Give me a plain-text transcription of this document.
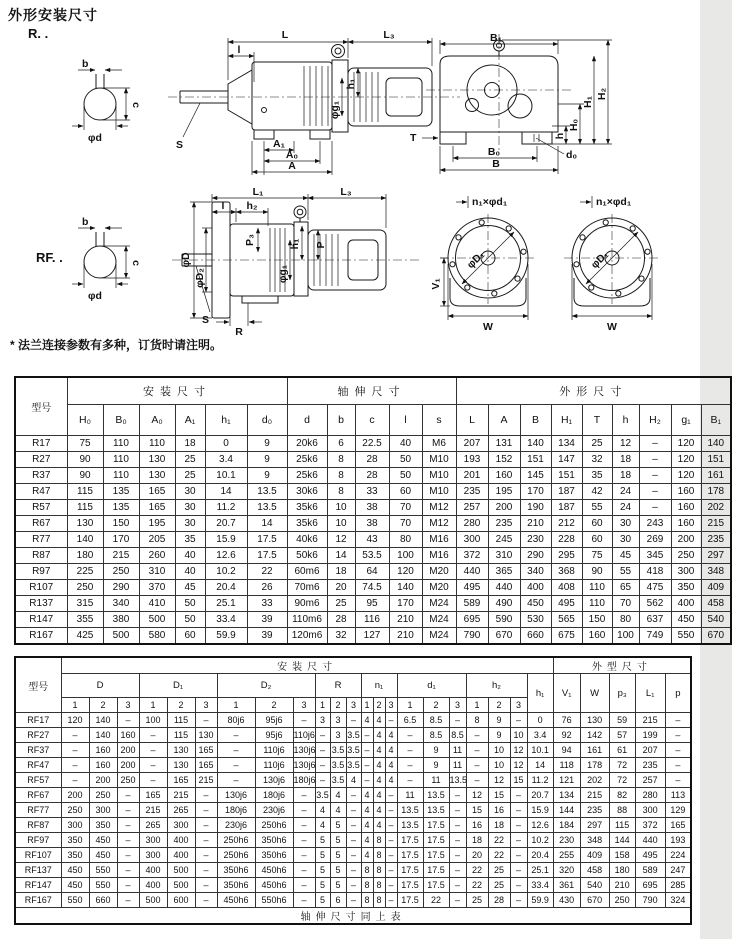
外形安装尺寸
R. .
RF. .
* 法兰连接参数有多种，订货时请注明。
b
c
φd
S
L	L₃
l
h₁
φg₁
A₁
A₀
A
B₁
h
H₀
H₁
H₂
T
B₀
B
d₀
b
c
φd
L₁	L₃
l h₂
φD
φD₂
P₃	h₁
φg₁
P
S
R
φD₁
n₁×φd₁
V₁
W
φD₁
n₁×φd₁
W
型号	安装尺寸						轴伸尺寸					外形尺寸								
	H₀	B₀	A₀	A₁	h₁	d₀	d	b	c	l	s	L	A	B	H₁	T	h	H₂	g₁	B₁
R17	75	110	110	18	0	9	20k6	6	22.5	40	M6	207	131	140	134	25	12	–	120	140
R27	90	110	130	25	3.4	9	25k6	8	28	50	M10	193	152	151	147	32	18	–	120	151
R37	90	110	130	25	10.1	9	25k6	8	28	50	M10	201	160	145	151	35	18	–	120	161
R47	115	135	165	30	14	13.5	30k6	8	33	60	M10	235	195	170	187	42	24	–	160	178
R57	115	135	165	30	11.2	13.5	35k6	10	38	70	M12	257	200	190	187	55	24	–	160	202
R67	130	150	195	30	20.7	14	35k6	10	38	70	M12	280	235	210	212	60	30	243	160	215
R77	140	170	205	35	15.9	17.5	40k6	12	43	80	M16	300	245	230	228	60	30	269	200	235
R87	180	215	260	40	12.6	17.5	50k6	14	53.5	100	M16	372	310	290	295	75	45	345	250	297
R97	225	250	310	40	10.2	22	60m6	18	64	120	M20	440	365	340	368	90	55	418	300	348
R107	250	290	370	45	20.4	26	70m6	20	74.5	140	M20	495	440	400	408	110	65	475	350	409
R137	315	340	410	50	25.1	33	90m6	25	95	170	M24	589	490	450	495	110	70	562	400	458
R147	355	380	500	50	33.4	39	110m6	28	116	210	M24	695	590	530	565	150	80	637	450	540
R167	425	500	580	60	59.9	39	120m6	32	127	210	M24	790	670	660	675	160	100	749	550	670
型号	安装尺寸																						外型尺寸				
	D			D₁			D₂			R			n₁			d₁			h₂			h₁	V₁	W	p₃	L₁	p
	1	2	3	1	2	3	1	2	3	1	2	3	1	2	3	1	2	3	1	2	3						
RF17	120	140	–	100	115	–	80j6	95j6	–	3	3	–	4	4	–	6.5	8.5	–	8	9	–	0	76	130	59	215	–
RF27	–	140	160	–	115	130	–	95j6	110j6	–	3	3.5	–	4	4	–	8.5	8.5	–	9	10	3.4	92	142	57	199	–
RF37	–	160	200	–	130	165	–	110j6	130j6	–	3.5	3.5	–	4	4	–	9	11	–	10	12	10.1	94	161	61	207	–
RF47	–	160	200	–	130	165	–	110j6	130j6	–	3.5	3.5	–	4	4	–	9	11	–	10	12	14	118	178	72	235	–
RF57	–	200	250	–	165	215	–	130j6	180j6	–	3.5	4	–	4	4	–	11	13.5	–	12	15	11.2	121	202	72	257	–
RF67	200	250	–	165	215	–	130j6	180j6	–	3.5	4	–	4	4	–	11	13.5	–	12	15	–	20.7	134	215	82	280	113
RF77	250	300	–	215	265	–	180j6	230j6	–	4	4	–	4	4	–	13.5	13.5	–	15	16	–	15.9	144	235	88	300	129
RF87	300	350	–	265	300	–	230j6	250h6	–	4	5	–	4	4	–	13.5	17.5	–	16	18	–	12.6	184	297	115	372	165
RF97	350	450	–	300	400	–	250h6	350h6	–	5	5	–	4	8	–	17.5	17.5	–	18	22	–	10.2	230	348	144	440	193
RF107	350	450	–	300	400	–	250h6	350h6	–	5	5	–	4	8	–	17.5	17.5	–	20	22	–	20.4	255	409	158	495	224
RF137	450	550	–	400	500	–	350h6	450h6	–	5	5	–	8	8	–	17.5	17.5	–	22	25	–	25.1	320	458	180	589	247
RF147	450	550	–	400	500	–	350h6	450h6	–	5	5	–	8	8	–	17.5	17.5	–	22	25	–	33.4	361	540	210	695	285
RF167	550	660	–	500	600	–	450h6	550h6	–	5	6	–	8	8	–	17.5	22	–	25	28	–	59.9	430	670	250	790	324
轴伸尺寸同上表																											
